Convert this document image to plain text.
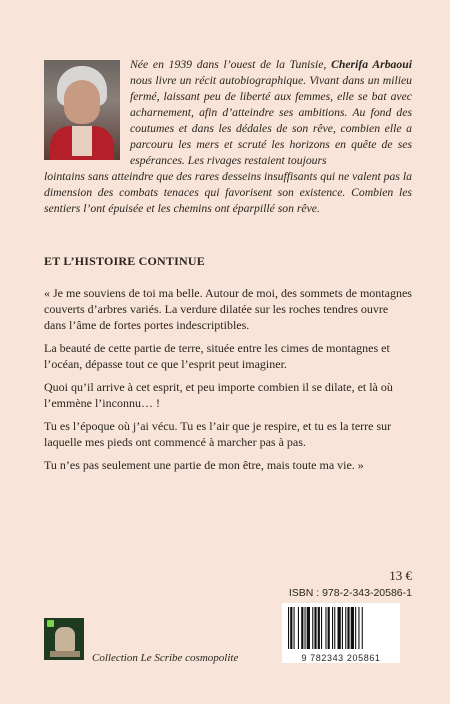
Née en 1939 dans l’ouest de la Tunisie, Cherifa Arbaoui nous livre un récit autobiographique. Vivant dans un milieu fermé, laissant peu de liberté aux femmes, elle se bat avec acharnement, afin d’atteindre ses ambitions. Au fond des coutumes et dans les dédales de son rêve, combien elle a parcouru les mers et scruté les horizons en quête de ses espérances. Les rivages restaient toujours
lointains sans atteindre que des rares desseins insuffisants qui ne valent pas la dimension des combats tenaces qui favorisent son existence. Combien les sentiers l’ont épuisée et les chemins ont éparpillé son rêve.
ET L’HISTOIRE CONTINUE

« Je me souviens de toi ma belle. Autour de moi, des sommets de montagnes couverts d’arbres variés. La verdure dilatée sur les roches tendres ouvre dans l’âme de fortes portes indescriptibles.

La beauté de cette partie de terre, située entre les cimes de montagnes et l’océan, dépasse tout ce que l’esprit peut imaginer.

Quoi qu’il arrive à cet esprit, et peu importe combien il se dilate, et là où l’emmène l’inconnu… !

Tu es l’époque où j’ai vécu. Tu es l’air que je respire, et tu es la terre sur laquelle mes pieds ont commencé à marcher pas à pas.

Tu n’es pas seulement une partie de mon être, mais toute ma vie. »

13 €
ISBN : 978-2-343-20586-1
9 782343 205861
Collection Le Scribe cosmopolite
